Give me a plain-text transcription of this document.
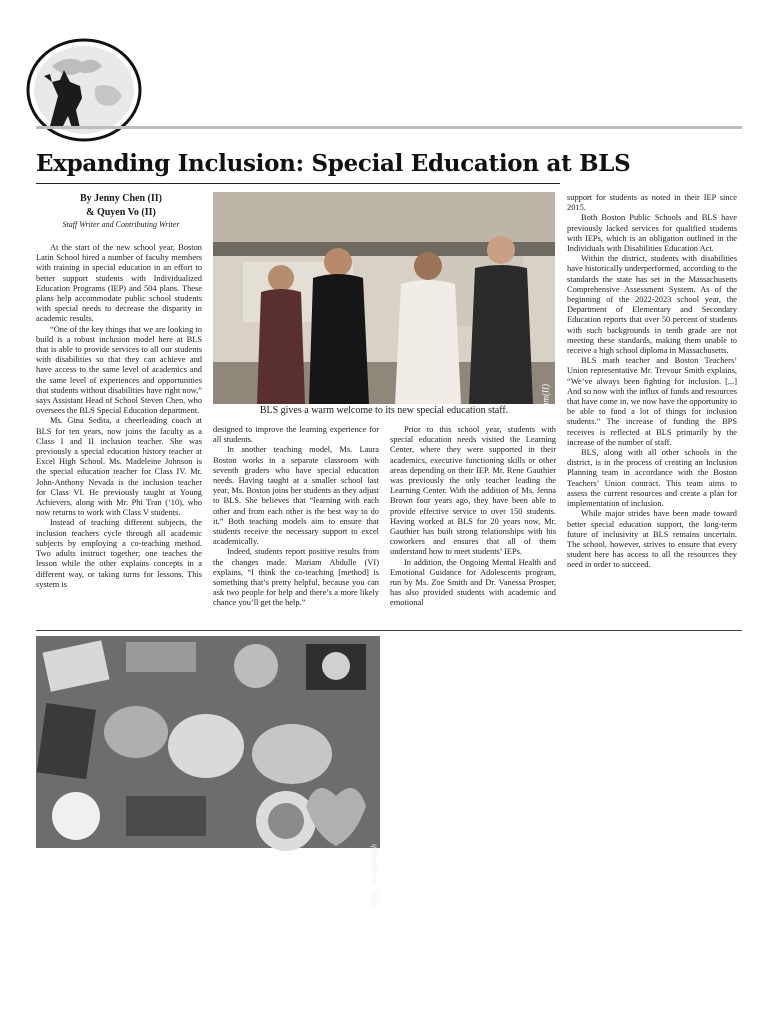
Expanding Inclusion: Special Education at BLS
By Jenny Chen (II)
& Quyen Vo (II)
Staff Writer and Contributing Writer

At the start of the new school year, Boston Latin School hired a number of faculty members with training in special education in an effort to better support students with Individualized Education Programs (IEP) and 504 plans. These plans help accommodate public school students with special needs to decrease the disparity in academic results.

“One of the key things that we are looking to build is a robust inclusion model here at BLS that is able to provide services to all our students with disabilities so that they can achieve and have access to the same level of academics and the same level of experiences and opportunities that students without disabilities have right now,” says Assistant Head of School Steven Chen, who oversees the BLS Special Education department.

Ms. Gina Sedita, a cheerleading coach at BLS for ten years, now joins the faculty as a Class I and II inclusion teacher. She was previously a special education history teacher at Excel High School. Ms. Madeleine Johnson is the special education teacher for Class IV. Mr. John-Anthony Nevada is the inclusion teacher for Class VI. He previously taught at Young Achievers, along with Mr. Phi Tran (‘10), who now returns to work with Class V students.

Instead of teaching different subjects, the inclusion teachers cycle through all academic subjects by employing a co-teaching method. Two adults instruct together; one teaches the lesson while the other explains concepts in a different way, or taking turns for lessons. This system is

Mary Boehm(II)
BLS gives a warm welcome to its new special education staff.

designed to improve the learning experience for all students.

In another teaching model, Ms. Laura Boston works in a separate classroom with seventh graders who have special education needs. Having taught at a smaller school last year, Ms. Boston joins her students as they adjust to BLS. She believes that “learning with each other and from each other is the best way to do it.” Both teaching models aim to ensure that students receive the necessary support to excel academically.

Indeed, students report positive results from the changes made. Mariam Abdulle (VI) explains, “I think the co-teaching [method] is something that’s pretty helpful, because you can ask two people for help and there’s a more likely chance you’ll get the help.”

Prior to this school year, students with special education needs visited the Learning Center, where they were supported in their academics, executive functioning skills or other areas depending on their IEP. Mr. Rene Gauthier was previously the only teacher leading the Learning Center. With the addition of Ms. Jenna Brown four years ago, they have been able to provide effective service to over 150 students. Having worked at BLS for 20 years now, Mr. Gauthier has built strong relationships with his coworkers and ensures that all of them understand how to meet students’ IEPs.

In addition, the Ongoing Mental Health and Emotional Guidance for Adolescents program, run by Ms. Zoe Smith and Dr. Vanessa Prosper, has also provided students with academic and emotional

support for students as noted in their IEP since 2015.

Both Boston Public Schools and BLS have previously lacked services for qualified students with IEPs, which is an obligation outlined in the Individuals with Disabilities Education Act.

Within the district, students with disabilities have historically underperformed, according to the standards the state has set in the Massachusetts Comprehensive Assessment System. As of the beginning of the 2022-2023 school year, the Department of Elementary and Secondary Education reports that over 50 percent of students with such backgrounds in tenth grade are not meeting these standards, making them unable to receive a high school diploma in Massachusetts.

BLS math teacher and Boston Teachers’ Union representative Mr. Trevour Smith explains, “We’ve always been fighting for inclusion. [...] And so now with the influx of funds and resources that have come in, we now have the opportunity to be able to fund a lot of things for inclusion students.” The increase of funding the BPS receives is reflected at BLS primarily by the increase of the number of staff.

BLS, along with all other schools in the district, is in the process of creating an Inclusion Planning team in accordance with the Boston Teachers’ Union contract. This team aims to assess the current resources and create a plan for implementation of inclusion.

While major strides have been made toward better special education support, the long-term future of inclusivity at BLS remains uncertain. The school, however, strives to ensure that every student here has access to all the resources they need in order to succeed.

@bls_mentalhealth
